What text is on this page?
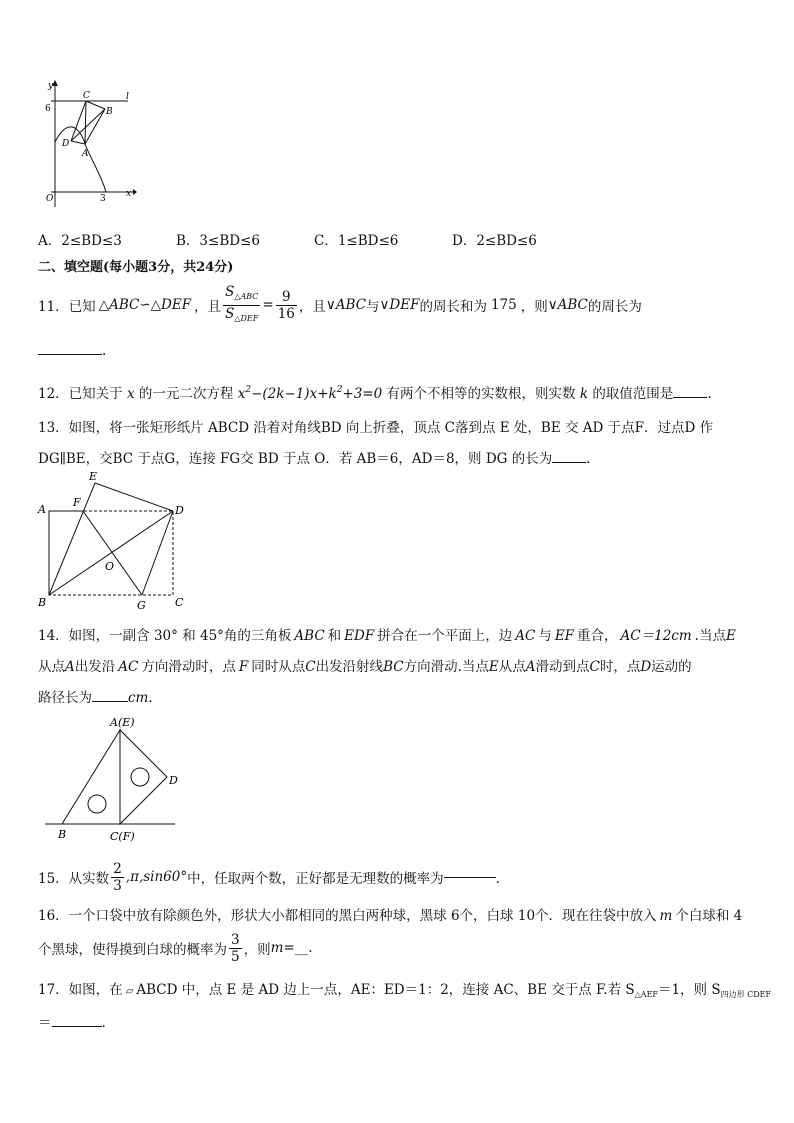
y
6
C
B
l
D
A
O	3 x
A．2≤BD≤3	B．3≤BD≤6	C．1≤BD≤6	D．2≤BD≤6
二、填空题(每小题3分，共24分)
11． 已知 △ABC∽△DEF ，且 $\frac{S_{\triangle ABC}}{S_{\triangle DEF}} = \frac{9}{16}$ ，且 ∨ABC 与 ∨DEF 的周长和为 175 ，则 ∨ABC 的周长为
.
12．已知关于 x 的一元二次方程 $x^2-(2k-1)x+k^2+3=0$ 有两个不相等的实数根，则实数 k 的取值范围是	.
13．如图，将一张矩形纸片 ABCD 沿着对角线BD 向上折叠，顶点 C落到点 E 处，BE 交 AD 于点F．过点D 作
DG∥BE，交BC 于点G，连接 FG交 BD 于点 O．若 AB＝6，AD＝8，则 DG 的长为	．
E
A
F
D
O
B	G	C
14．如图，一副含 30° 和 45°角的三角板 ABC 和 EDF 拼合在一个平面上，边 AC 与 EF 重合， AC＝12cm .当点E
从点A出发沿 AC 方向滑动时，点 F 同时从点C出发沿射线BC方向滑动.当点E从点A滑动到点C时，点D运动的
路径长为	cm.
A(E)
D
B	C(F)
15．从实数 $\frac{2}{3} ,\pi,\sin 60^\circ$ 中，任取两个数，正好都是无理数的概率为	．
16．一个口袋中放有除颜色外，形状大小都相同的黑白两种球，黑球 6个，白球 10个．现在往袋中放入 m 个白球和 4
个黑球，使得摸到白球的概率为 $\frac{3}{5}$ ，则 m =__.
17．如图，在 ▱ ABCD 中，点 E 是 AD 边上一点，AE：ED＝1：2，连接 AC、BE 交于点 F.若 $S_{\triangle AEF}=1$，则 $S_{四边形 CDEF}$
＝	.
